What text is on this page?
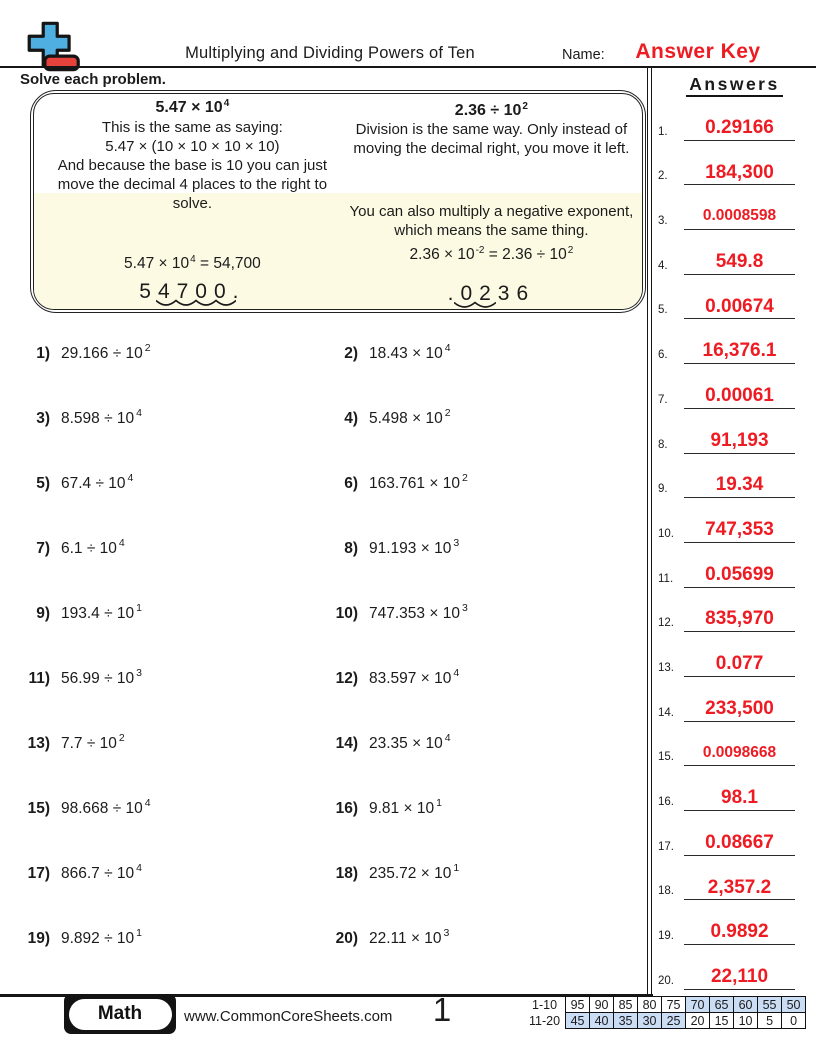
Multiplying and Dividing Powers of Ten	Name:	Answer Key
Solve each problem.
$5.47 \times 10^4$
This is the same as saying:
5.47 × (10 × 10 × 10 × 10)
And because the base is 10 you can just move the decimal 4 places to the right to solve.
$5.47 \times 10^4 = 54,700$
54700.
$2.36 \div 10^2$
Division is the same way. Only instead of moving the decimal right, you move it left.
You can also multiply a negative exponent, which means the same thing.
$2.36 \times 10^{-2} = 2.36 \div 10^2$
.0236
1) 29.166 ÷ 10 $^2$	2) 18.43 × 10 $^4$
3) 8.598 ÷ 10 $^4$	4) 5.498 × 10 $^2$
5) 67.4 ÷ 10 $^4$	6) 163.761 × 10 $^2$
7) 6.1 ÷ 10 $^4$	8) 91.193 × 10 $^3$
9) 193.4 ÷ 10 $^1$	10) 747.353 × 10 $^3$
11) 56.99 ÷ 10 $^3$	12) 83.597 × 10 $^4$
13) 7.7 ÷ 10 $^2$	14) 23.35 × 10 $^4$
15) 98.668 ÷ 10 $^4$	16) 9.81 × 10 $^1$
17) 866.7 ÷ 10 $^4$	18) 235.72 × 10 $^1$
19) 9.892 ÷ 10 $^1$	20) 22.11 × 10 $^3$
Answers
1.	0.29166
2.	184,300
3.	0.0008598
4.	549.8
5.	0.00674
6.	16,376.1
7.	0.00061
8.	91,193
9.	19.34
10.	747,353
11.	0.05699
12.	835,970
13.	0.077
14.	233,500
15.	0.0098668
16.	98.1
17.	0.08667
18.	2,357.2
19.	0.9892
20.	22,110
Math	www.CommonCoreSheets.com	1	1-10	95	90	85	80	75	70	65	60	55	50
11-20	45	40	35	30	25	20	15	10	5	0
